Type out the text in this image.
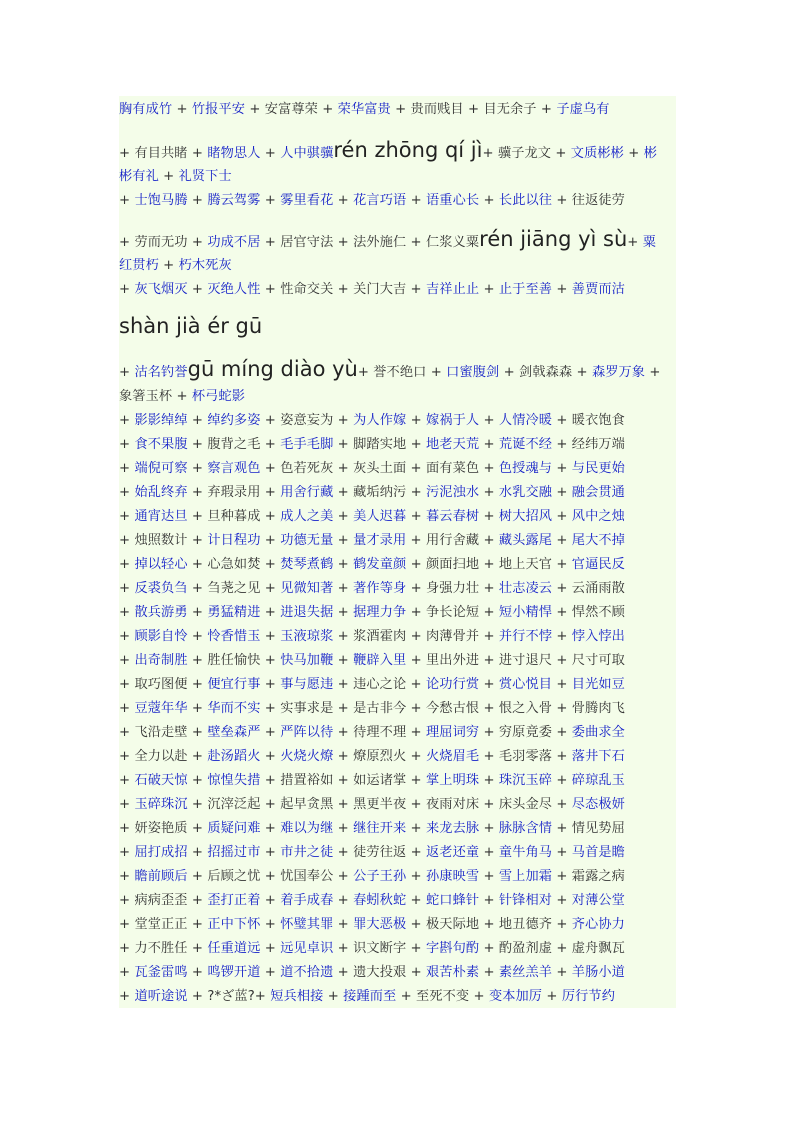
胸有成竹 + 竹报平安 + 安富尊荣 + 荣华富贵 + 贵而贱目 + 目无余子 + 子虚乌有
+ 有目共睹 + 睹物思人 + 人中骐骥rén zhōng qí jì+ 骥子龙文 + 文质彬彬 + 彬
彬有礼 + 礼贤下士
+ 士饱马腾 + 腾云驾雾 + 雾里看花 + 花言巧语 + 语重心长 + 长此以往 + 往返徒劳
+ 劳而无功 + 功成不居 + 居官守法 + 法外施仁 + 仁浆义粟rén jiāng yì sù+ 粟
红贯朽 + 朽木死灰
+ 灰飞烟灭 + 灭绝人性 + 性命交关 + 关门大吉 + 吉祥止止 + 止于至善 + 善贾而沽
shàn jià ér gū
+ 沽名钓誉gū míng diào yù+ 誉不绝口 + 口蜜腹剑 + 剑戟森森 + 森罗万象 +
象箸玉杯 + 杯弓蛇影
+ 影影绰绰 + 绰约多姿 + 姿意妄为 + 为人作嫁 + 嫁祸于人 + 人情冷暖 + 暖衣饱食
+ 食不果腹 + 腹背之毛 + 毛手毛脚 + 脚踏实地 + 地老天荒 + 荒诞不经 + 经纬万端
+ 端倪可察 + 察言观色 + 色若死灰 + 灰头土面 + 面有菜色 + 色授魂与 + 与民更始
+ 始乱终弃 + 弃瑕录用 + 用舍行藏 + 藏垢纳污 + 污泥浊水 + 水乳交融 + 融会贯通
+ 通宵达旦 + 旦种暮成 + 成人之美 + 美人迟暮 + 暮云春树 + 树大招风 + 风中之烛
+ 烛照数计 + 计日程功 + 功德无量 + 量才录用 + 用行舍藏 + 藏头露尾 + 尾大不掉
+ 掉以轻心 + 心急如焚 + 焚琴煮鹤 + 鹤发童颜 + 颜面扫地 + 地上天官 + 官逼民反
+ 反裘负刍 + 刍荛之见 + 见微知著 + 著作等身 + 身强力壮 + 壮志凌云 + 云涌雨散
+ 散兵游勇 + 勇猛精进 + 进退失据 + 据理力争 + 争长论短 + 短小精悍 + 悍然不顾
+ 顾影自怜 + 怜香惜玉 + 玉液琼浆 + 浆酒霍肉 + 肉薄骨并 + 并行不悖 + 悖入悖出
+ 出奇制胜 + 胜任愉快 + 快马加鞭 + 鞭辟入里 + 里出外进 + 进寸退尺 + 尺寸可取
+ 取巧图便 + 便宜行事 + 事与愿违 + 违心之论 + 论功行赏 + 赏心悦目 + 目光如豆
+ 豆蔻年华 + 华而不实 + 实事求是 + 是古非今 + 今愁古恨 + 恨之入骨 + 骨腾肉飞
+ 飞沿走壁 + 壁垒森严 + 严阵以待 + 待理不理 + 理屈词穷 + 穷原竟委 + 委曲求全
+ 全力以赴 + 赴汤蹈火 + 火烧火燎 + 燎原烈火 + 火烧眉毛 + 毛羽零落 + 落井下石
+ 石破天惊 + 惊惶失措 + 措置裕如 + 如运诸掌 + 掌上明珠 + 珠沉玉碎 + 碎琼乱玉
+ 玉碎珠沉 + 沉滓泛起 + 起早贪黑 + 黑更半夜 + 夜雨对床 + 床头金尽 + 尽态极妍
+ 妍姿艳质 + 质疑问难 + 难以为继 + 继往开来 + 来龙去脉 + 脉脉含情 + 情见势屈
+ 屈打成招 + 招摇过市 + 市井之徒 + 徒劳往返 + 返老还童 + 童牛角马 + 马首是瞻
+ 瞻前顾后 + 后顾之忧 + 忧国奉公 + 公子王孙 + 孙康映雪 + 雪上加霜 + 霜露之病
+ 病病歪歪 + 歪打正着 + 着手成春 + 春蚓秋蛇 + 蛇口蜂针 + 针锋相对 + 对薄公堂
+ 堂堂正正 + 正中下怀 + 怀璧其罪 + 罪大恶极 + 极天际地 + 地丑德齐 + 齐心协力
+ 力不胜任 + 任重道远 + 远见卓识 + 识文断字 + 字斟句酌 + 酌盈剂虚 + 虚舟飘瓦
+ 瓦釜雷鸣 + 鸣锣开道 + 道不拾遗 + 遗大投艰 + 艰苦朴素 + 素丝羔羊 + 羊肠小道
+ 道听途说 + ?*ざ蓝?+ 短兵相接 + 接踵而至 + 至死不变 + 变本加厉 + 厉行节约
